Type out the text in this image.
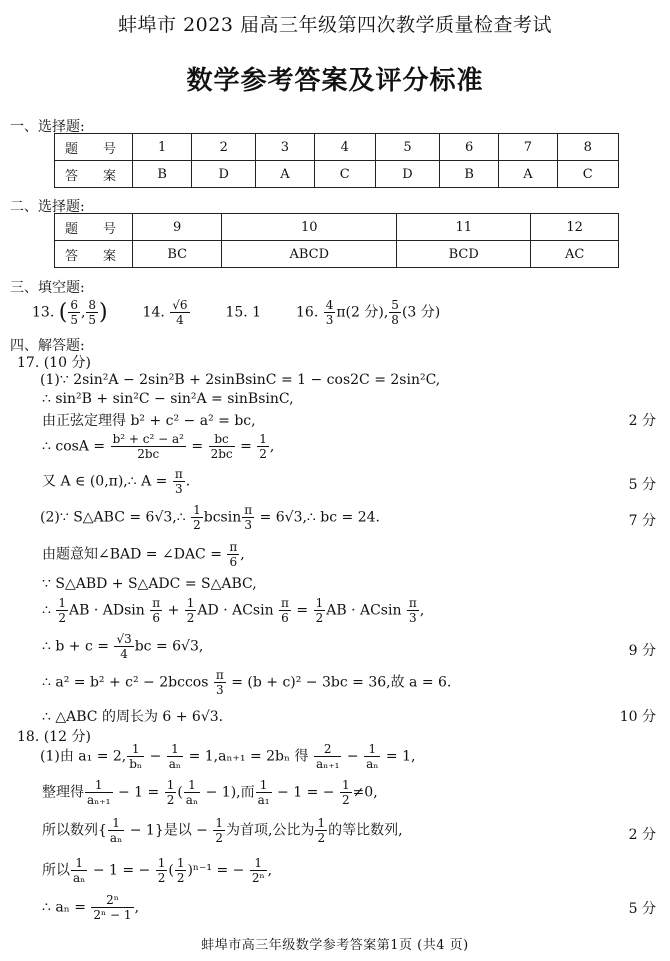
蚌埠市 2023 届高三年级第四次教学质量检查考试
数学参考答案及评分标准
一、选择题:
题　号	1	2	3	4	5	6	7	8
答　案	B	D	A	C	D	B	A	C
二、选择题:
题　号	9	10	11	12
答　案	BC	ABCD	BCD	AC
三、填空题:
13. ( $\frac{6}{5}$ , $\frac{8}{5}$ ) 14. $\frac{√6}{4}$	15. 1 16. $\frac{4}{3} \pi(2$ 分), $\frac{5}{8} (3$ 分)
四、解答题:
17. (10 分)
(1)∵ 2sin²A − 2sin²B + 2sinBsinC = 1 − cos2C = 2sin²C,
∴ sin²B + sin²C − sin²A = sinBsinC,
由正弦定理得 b² + c² − a² = bc,	2 分
∴ $\cos A = \frac{\text{b² + c² − a²}}{2bc} = \frac{bc}{2bc} = \frac{1}{2}$ ,
又 A ∈ (0,π),∴ $A = \frac{\pi}{3}$ .	5 分
(2)∵ S△ABC = 6√3,∴ $\frac{1}{2}$ bcsin $\frac{\pi}{3}$ = 6√3,∴ bc = 24.	7 分
由题意知∠BAD = ∠DAC = $\frac{\pi}{6}$ ,
∵ S△ABD + S△ADC = S△ABC,
∴ $\frac{1}{2}$ AB · ADsin $\frac{\pi}{6} + \frac{1}{2}$ AD · ACsin $\frac{\pi}{6} = \frac{1}{2}$ AB · ACsin $\frac{\pi}{3}$ ,
∴ $b + c = \frac{√3}{4}$ bc = 6√3,	9 分
∴ $a^2 = b^2 + c^2 - 2bccos \frac{\pi}{3} = (b + c)^2 - 3bc = 36$,故 a = 6.
∴ △ABC 的周长为 6 + 6√3.	10 分
18. (12 分)
(1)由 a₁ = 2, $\frac{1}{\text{bₙ}} - \frac{1}{\text{aₙ}} = 1,a_{n+1} = 2b_n$ 得 $\frac{2}{\text{aₙ₊₁}} - \frac{1}{\text{aₙ}} = 1$,
整理得 $\frac{1}{\text{aₙ₊₁}} - 1 = \frac{1}{2}$ ( $\frac{1}{\text{aₙ}} - 1$),而 $\frac{1}{\text{a₁}} - 1$ = − $\frac{1}{2} \ne 0$,
所以数列{ $\frac{1}{\text{aₙ}} - 1$}是以 − $\frac{1}{2}$ 为首项,公比为 $\frac{1}{2}$ 的等比数列,	2 分
所以 $\frac{1}{\text{aₙ}} - 1$ = − $\frac{1}{2}$ ( $\frac{1}{2} )^{n-1}$ = − $\frac{1}{\text{2ⁿ}}$ ,
∴ $a_n = \frac{\text{2ⁿ}}{\text{2ⁿ − 1}}$ ,	5 分
蚌埠市高三年级数学参考答案第1页 (共4 页)
